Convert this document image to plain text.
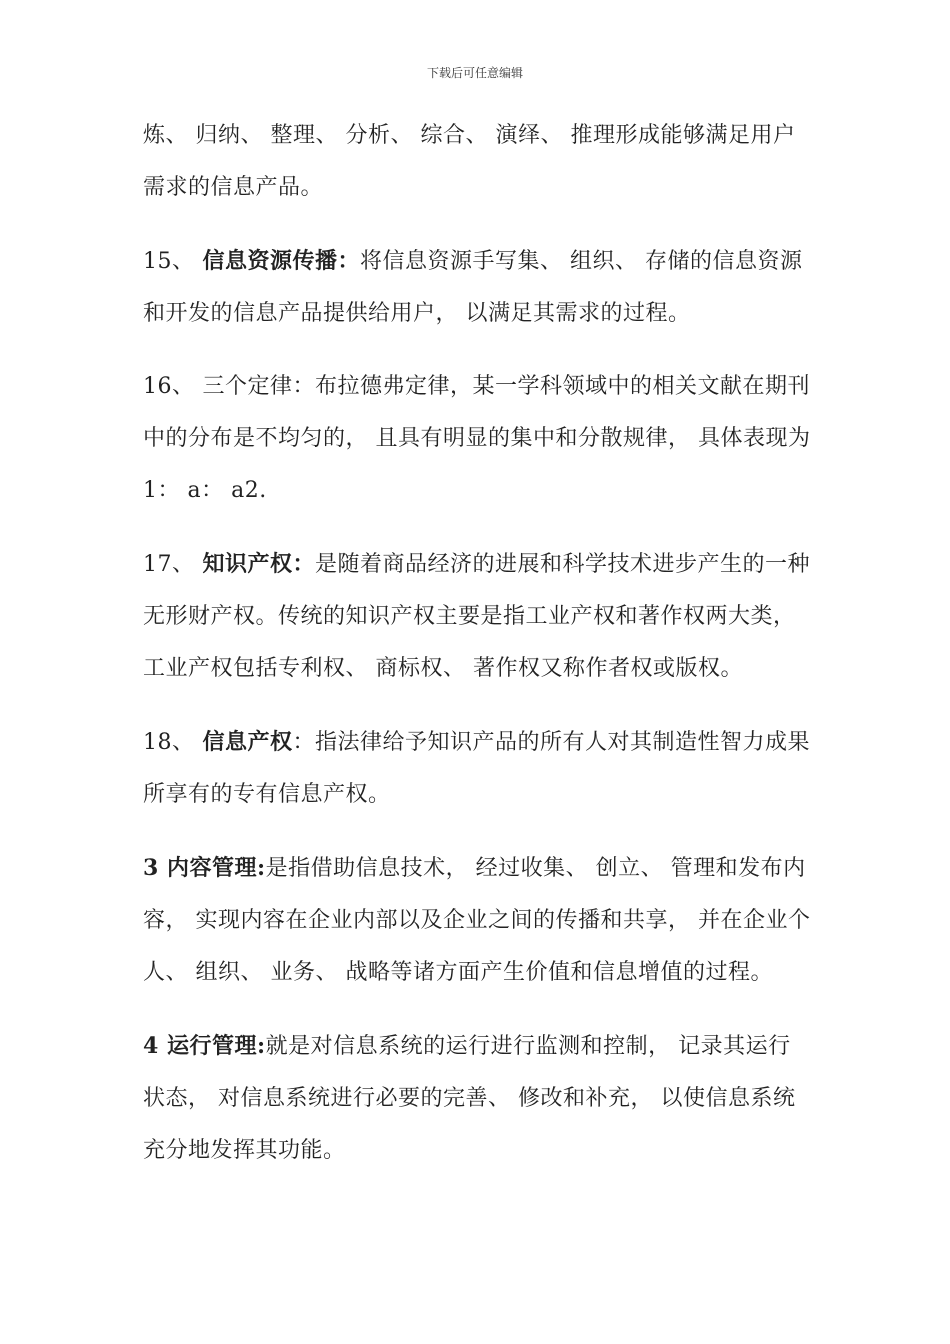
下载后可任意编辑

炼、 归纳、 整理、 分析、 综合、 演绎、 推理形成能够满足用户需求的信息产品。

15、 信息资源传播：将信息资源手写集、 组织、 存储的信息资源和开发的信息产品提供给用户， 以满足其需求的过程。

16、 三个定律：布拉德弗定律，某一学科领域中的相关文献在期刊中的分布是不均匀的， 且具有明显的集中和分散规律， 具体表现为1： a： a2.

17、 知识产权：是随着商品经济的进展和科学技术进步产生的一种无形财产权。传统的知识产权主要是指工业产权和著作权两大类， 工业产权包括专利权、 商标权、 著作权又称作者权或版权。

18、 信息产权：指法律给予知识产品的所有人对其制造性智力成果所享有的专有信息产权。

3 内容管理:是指借助信息技术， 经过收集、 创立、 管理和发布内容， 实现内容在企业内部以及企业之间的传播和共享， 并在企业个人、 组织、 业务、 战略等诸方面产生价值和信息增值的过程。

4 运行管理:就是对信息系统的运行进行监测和控制， 记录其运行状态， 对信息系统进行必要的完善、 修改和补充， 以使信息系统充分地发挥其功能。
